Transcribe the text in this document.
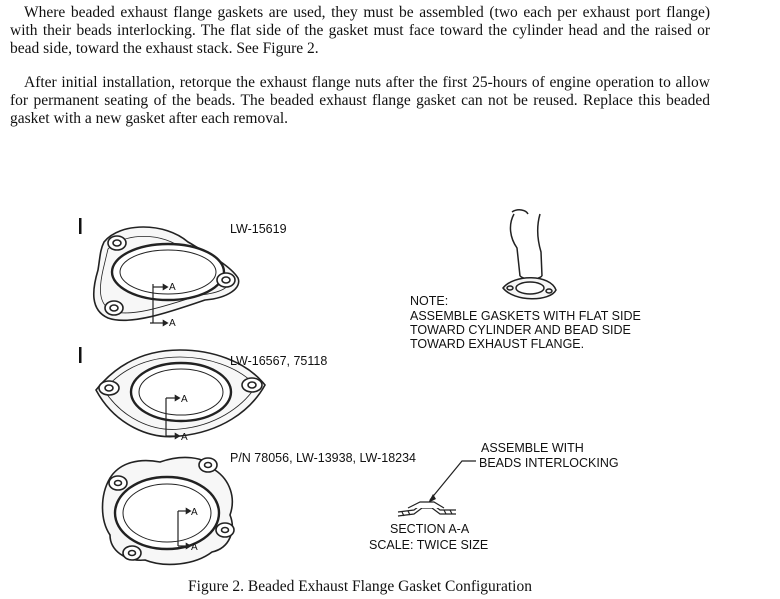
Where beaded exhaust flange gaskets are used, they must be assembled (two each per exhaust port flange) with their beads interlocking. The flat side of the gasket must face toward the cylinder head and the raised or bead side, toward the exhaust stack. See Figure 2.

After initial installation, retorque the exhaust flange nuts after the first 25-hours of engine operation to allow for permanent seating of the beads. The beaded exhaust flange gasket can not be reused. Replace this beaded gasket with a new gasket after each removal.

A
A
A
A
A
A
LW-15619
LW-16567, 75118
P/N 78056, LW-13938, LW-18234
NOTE:
ASSEMBLE GASKETS WITH FLAT SIDE
TOWARD CYLINDER AND BEAD SIDE
TOWARD EXHAUST FLANGE.
ASSEMBLE WITH
BEADS INTERLOCKING
SECTION A-A
SCALE: TWICE SIZE

Figure 2. Beaded Exhaust Flange Gasket Configuration
